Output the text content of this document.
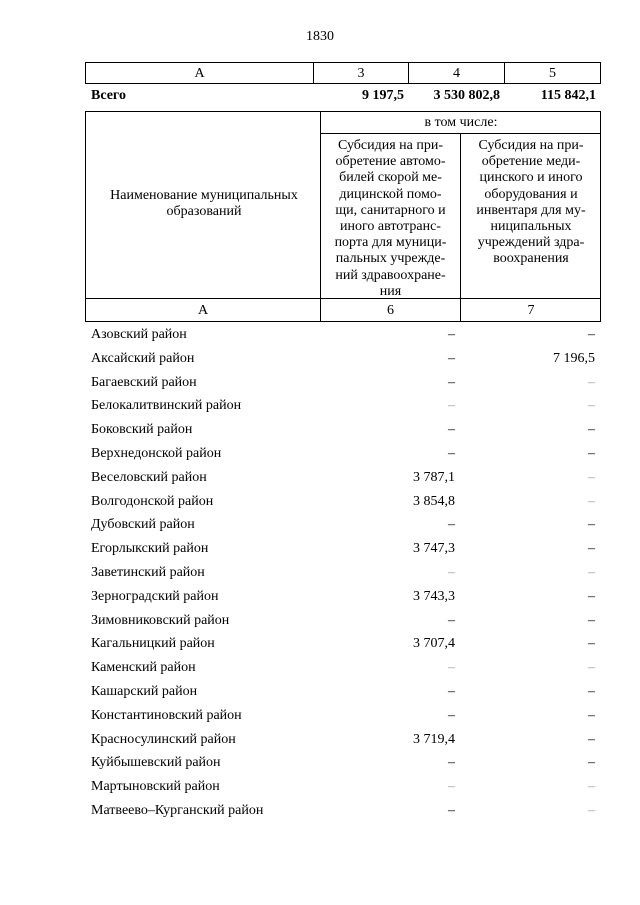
1830
А	3	4	5
Всего	9 197,5	3 530 802,8	115 842,1
Наименование муниципальных образований
в том числе:
Субсидия на при-
обретение автомо-
билей скорой ме-
дицинской помо-
щи, санитарного и
иного автотранс-
порта для муници-
пальных учрежде-
ний здравоохране-
ния
Субсидия на при-
обретение меди-
цинского и иного
оборудования и
инвентаря для му-
ниципальных
учреждений здра-
воохранения
А	6	7
Азовский район	–	–
Аксайский район	–	7 196,5
Багаевский район	–	–
Белокалитвинский район	–	–
Боковский район	–	–
Верхнедонской район	–	–
Веселовский район	3 787,1	–
Волгодонской район	3 854,8	–
Дубовский район	–	–
Егорлыкский район	3 747,3	–
Заветинский район	–	–
Зерноградский район	3 743,3	–
Зимовниковский район	–	–
Кагальницкий район	3 707,4	–
Каменский район	–	–
Кашарский район	–	–
Константиновский район	–	–
Красносулинский район	3 719,4	–
Куйбышевский район	–	–
Мартыновский район	–	–
Матвеево–Курганский район	–	–
